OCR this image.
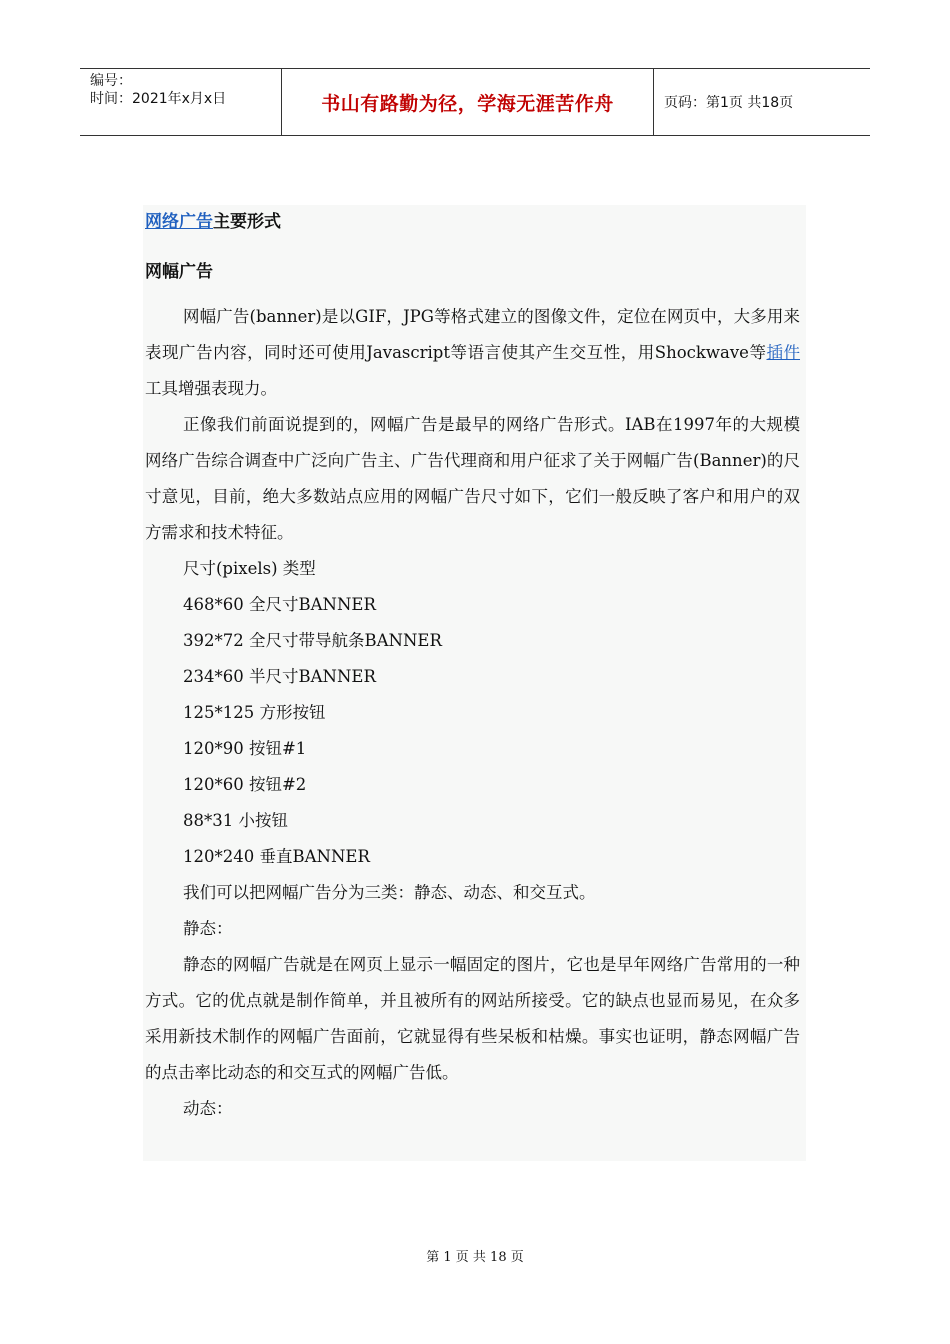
编号：
时间：2021年x月x日	书山有路勤为径，学海无涯苦作舟	页码：第1页 共18页
网络广告主要形式
网幅广告

网幅广告(banner)是以GIF，JPG等格式建立的图像文件，定位在网页中，大多用来表现广告内容，同时还可使用Javascript等语言使其产生交互性，用Shockwave等插件工具增强表现力。

正像我们前面说提到的，网幅广告是最早的网络广告形式。IAB在1997年的大规模网络广告综合调查中广泛向广告主、广告代理商和用户征求了关于网幅广告(Banner)的尺寸意见，目前，绝大多数站点应用的网幅广告尺寸如下，它们一般反映了客户和用户的双方需求和技术特征。

尺寸(pixels) 类型

468*60 全尺寸BANNER

392*72 全尺寸带导航条BANNER

234*60 半尺寸BANNER

125*125 方形按钮

120*90 按钮#1

120*60 按钮#2

88*31 小按钮

120*240 垂直BANNER

我们可以把网幅广告分为三类：静态、动态、和交互式。

静态：

静态的网幅广告就是在网页上显示一幅固定的图片，它也是早年网络广告常用的一种方式。它的优点就是制作简单，并且被所有的网站所接受。它的缺点也显而易见，在众多采用新技术制作的网幅广告面前，它就显得有些呆板和枯燥。事实也证明，静态网幅广告的点击率比动态的和交互式的网幅广告低。

动态：

第 1 页 共 18 页
